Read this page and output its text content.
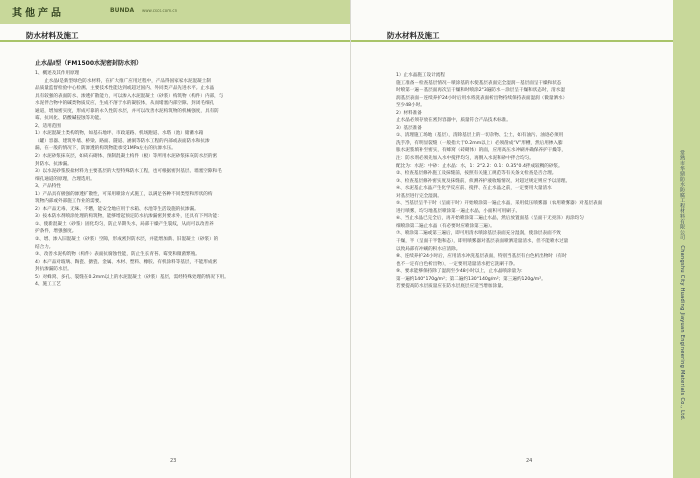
其他产品	BUNDA www.cscs.com.cn
防水材料及施工
止水晶Ⅰ型（FM1500水泥密封防水剂）

1、概述及其作用原理

　　止水晶Ⅰ是新型绿色防水材料，在扩大推广应用过程中，产品得国家家水泥混凝土制

品质量监督检验中心检测。主要技术性能达到或超过国内、外同类产品先进水平。止水晶

具有较强的表面防水、渗透扩散能力，可以渗入水泥混凝土（砂浆）构筑物（构件）内部，与

水泥伴合物中的碱类物质反应，生成不溶于水的凝胶体，从而堵塞内部空隙、封闭毛细孔

通道，增加密实度，形成可靠的永久性防水层，并可以改善水泥构筑物的机械强度，具有防

霉、抗风化、防酸碱侵蚀等功能。

2、适用范围

1）水泥混凝土类构筑物，如基石地坪、市政道路、机场跑道、水塔（池）储蓄水箱

（罐）容器、建筑外墙、桥梁、路面、隧道、涵洞等防水工程的内部或表面防水和抗渗

漏，在一般的情况下，防渗透的构筑物能承受1MPa左右的抗渗水压。

2）水泥砂浆抹灰层，如砖石砌体、预制混凝土构件（板）等所用水泥砂浆抹灰防水层的密

封防水、抗渗漏。

3）以水泥砂浆胶盐材料为主要基层的大型特殊防水工程，也可根据密封基层、墙塞空隙和毛

细孔通道的原理，合理选用。

3、产品特性

1）产品具有极强的渗透扩散性，可采用喷涂方式施工，以满足各种不同类型和形状的构

筑物内部或外部施工作业的需要。

2）本产品无毒、无味、不燃，能安全地应用于水箱、水池等生活设施的抗渗漏。

3）按本防水剂喷涂处理的构筑物，能够增起预定防水抗渗漏密封要求外，还具有下列功能：

①、使新混凝土（砂浆）固化均匀，防止早期失水，局部干燥产生裂纹，从而可以改善养

护条件，增强强度。

②、增、渗入旧混凝土（砂浆）空隙，形成密封防水层，并能增加新、旧混凝土（砂浆）的

结合力。

③、改善水泥构筑物（构件）表面抗腐蚀性能，防止生长青苔、霉变和微菌繁殖。

4）本产品对玻璃、陶瓷、搪瓷、金属、木材、塑料、橡胶、有机涂料等基层，不能形成密

封抗渗漏防水层。

5）对蜂窝、多孔、裂缝在0.2mm以上的水泥混凝土（砂浆）基层，需经特殊处理的情况下用。

4、施工工艺

23
防水材料及施工

1）止水晶施工设计流程

施工准备－检查基层情况－喷涂基的水使基层表面完全湿润－基层面呈干燥和状态

时喷第一遍－基层面再次呈干燥和时喷涂2°3遍防水－涂层呈干燥和状态时，清水湿

润基层表面－连续养护24小时后用水将洗表面析出物持续保持表面湿润（微量洒水）

至少48小时。

2）材料准备

止水晶必须存放在密封容器中，质量符合产品技术标准。

3）基层准备

①、清理施工场地（基层），清除基层上的一切杂物、尘土，如有油污、油迹必须用

洗手净，有明显裂缝（一般指大于0.2mm以上）必须凿成“V”形槽，然后用掺入膨

胀水泥浆填补至密实，有蜂窝（砖砌体）的面，应用高压水冲刷并确保养护干燥等，

注：防水剂必须先加入水中搅拌均匀，再倒入水泥和砂中拌合均匀。

配比为：水泥：中砂：止水晶：水，1：2°2.2：0.1：0.35°0.4拌成较稠的砂浆。

②、检查基层修补施工及抹缝前，按照有关施工规范等有关条文检查是否合理。

③、检查基层修补密实度及抹缝前，侦测养护液收缩情况，对超过规定则应予以清理。

④、水泥基止水晶产生化学反应前、搅拌、在止水晶之前，一定要用大量清水

对基层进行完全湿润。

⑤、当基层呈半干时（呈面干时）开始喷涂第一遍止水晶，采用低压喷雾器（农用喷雾器）对基层表面

进行喷雾，均匀地基层喷涂第一遍止水晶，小面积可用刷子。

⑥、当止水晶已完全后，再开始喷涂第二遍止水晶，然后放置面基（呈面干无亮泽）再涂均匀

细喷涂第二遍止水晶（有必要时应喷涂第三遍）。

⑦、喷涂第二遍或第三遍后，即可用清水喷涂基层表面充分湿润，使涂层表面不致

干燥，半（呈面干半饱和态），即用喷雾器对基层表面喷洒适量清水，但不能喷水过量

以致局部有冲刷的积水应清除。

⑧、连续养护24小时后，应用清水冲洗基层表面，特别当基层有白色析出物时（有时

也不一定有白色析出物），一定要用适量清水把它洗刷干净。

⑨、要求能够保持除了湿润至少48小时以上，止水晶喷涂量为：

第一遍约140°170g/m²；第二遍约130°140g/m²；第三遍约120g/m²。

若要提高防水层质量应在防水层底层应适当增加涂量。

24
常熟市华鼎防水防腐工程材料有限公司　Changshu City Huading Jiayuan Engineering Materials Co., Ltd.
